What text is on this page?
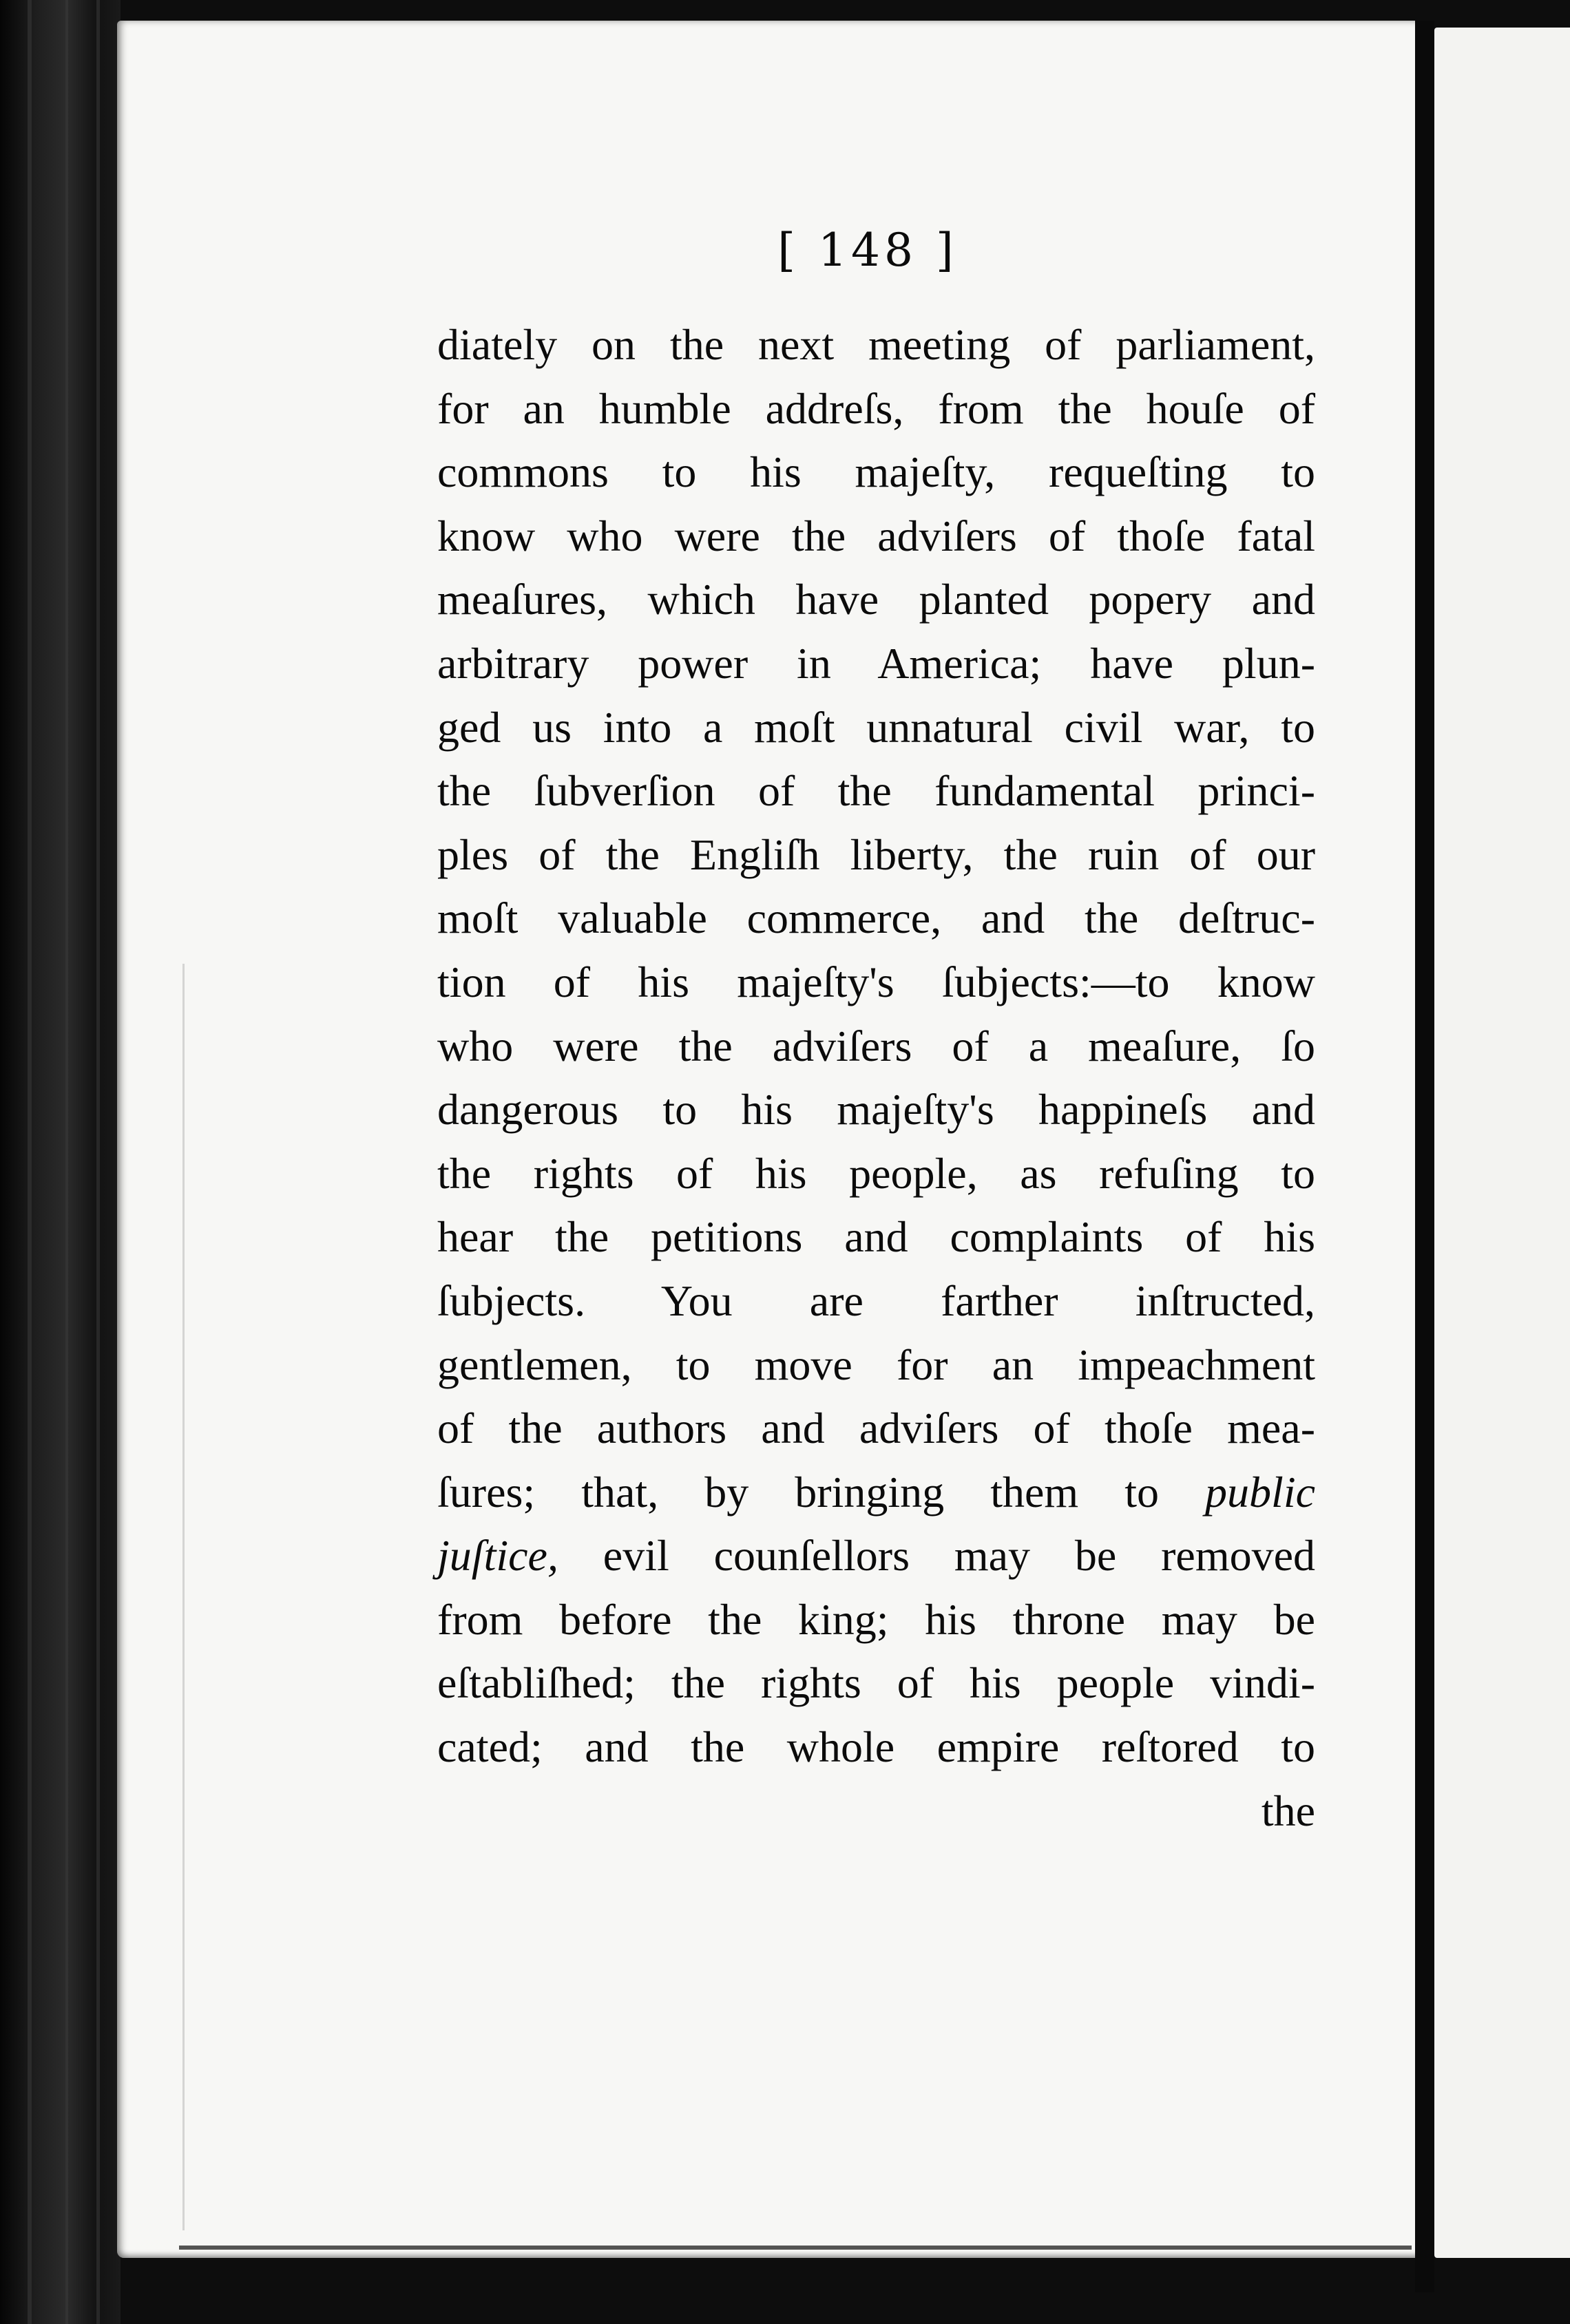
[ 148 ]
diately on the next meeting of parliament,
for an humble addreſs, from the houſe of
commons to his majeſty, requeſting to
know who were the adviſers of thoſe fatal
meaſures, which have planted popery and
arbitrary power in America; have plun-
ged us into a moſt unnatural civil war, to
the ſubverſion of the fundamental princi-
ples of the Engliſh liberty, the ruin of our
moſt valuable commerce, and the deſtruc-
tion of his majeſty's ſubjects:—to know
who were the adviſers of a meaſure, ſo
dangerous to his majeſty's happineſs and
the rights of his people, as refuſing to
hear the petitions and complaints of his
ſubjects. You are farther inſtructed,
gentlemen, to move for an impeachment
of the authors and adviſers of thoſe mea-
ſures; that, by bringing them to public
juſtice, evil counſellors may be removed
from before the king; his throne may be
eſtabliſhed; the rights of his people vindi-
cated; and the whole empire reſtored to
the
